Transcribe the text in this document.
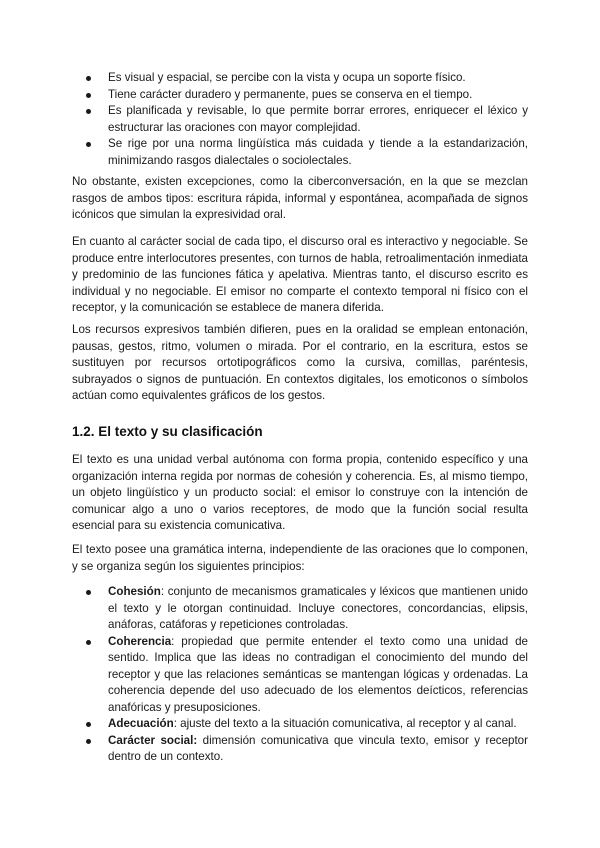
Es visual y espacial, se percibe con la vista y ocupa un soporte físico.
Tiene carácter duradero y permanente, pues se conserva en el tiempo.
Es planificada y revisable, lo que permite borrar errores, enriquecer el léxico y estructurar las oraciones con mayor complejidad.
Se rige por una norma lingüística más cuidada y tiende a la estandarización, minimizando rasgos dialectales o sociolectales.

No obstante, existen excepciones, como la ciberconversación, en la que se mezclan rasgos de ambos tipos: escritura rápida, informal y espontánea, acompañada de signos icónicos que simulan la expresividad oral.

En cuanto al carácter social de cada tipo, el discurso oral es interactivo y negociable. Se produce entre interlocutores presentes, con turnos de habla, retroalimentación inmediata y predominio de las funciones fática y apelativa. Mientras tanto, el discurso escrito es individual y no negociable. El emisor no comparte el contexto temporal ni físico con el receptor, y la comunicación se establece de manera diferida.

Los recursos expresivos también difieren, pues en la oralidad se emplean entonación, pausas, gestos, ritmo, volumen o mirada. Por el contrario, en la escritura, estos se sustituyen por recursos ortotipográficos como la cursiva, comillas, paréntesis, subrayados o signos de puntuación. En contextos digitales, los emoticonos o símbolos actúan como equivalentes gráficos de los gestos.

1.2. El texto y su clasificación

El texto es una unidad verbal autónoma con forma propia, contenido específico y una organización interna regida por normas de cohesión y coherencia. Es, al mismo tiempo, un objeto lingüístico y un producto social: el emisor lo construye con la intención de comunicar algo a uno o varios receptores, de modo que la función social resulta esencial para su existencia comunicativa.

El texto posee una gramática interna, independiente de las oraciones que lo componen, y se organiza según los siguientes principios:

Cohesión: conjunto de mecanismos gramaticales y léxicos que mantienen unido el texto y le otorgan continuidad. Incluye conectores, concordancias, elipsis, anáforas, catáforas y repeticiones controladas.
Coherencia: propiedad que permite entender el texto como una unidad de sentido. Implica que las ideas no contradigan el conocimiento del mundo del receptor y que las relaciones semánticas se mantengan lógicas y ordenadas. La coherencia depende del uso adecuado de los elementos deícticos, referencias anafóricas y presuposiciones.
Adecuación: ajuste del texto a la situación comunicativa, al receptor y al canal.
Carácter social: dimensión comunicativa que vincula texto, emisor y receptor dentro de un contexto.
